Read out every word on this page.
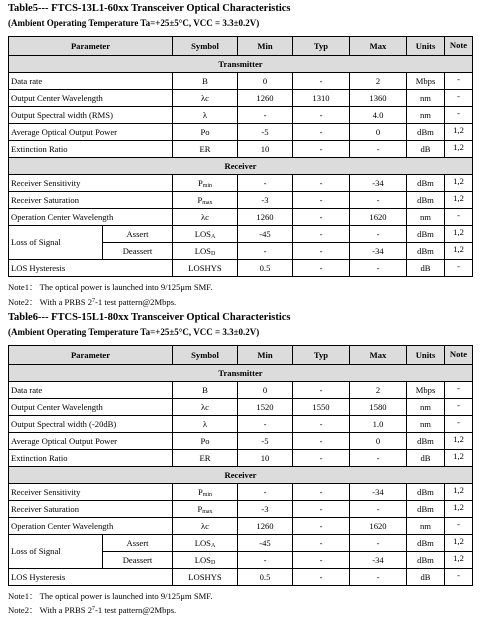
Table5--- FTCS-13L1-60xx Transceiver Optical Characteristics
(Ambient Operating Temperature Ta=+25±5°C, VCC = 3.3±0.2V)
Parameter		Symbol	Min	Typ	Max	Units	Note
Transmitter							
Data rate		B	0	-	2	Mbps	-
Output Center Wavelength		λc	1260	1310	1360	nm	-
Output Spectral width (RMS)		λ	-	-	4.0	nm	-
Average Optical Output Power		Po	-5	-	0	dBm	1,2
Extinction Ratio		ER	10	-	-	dB	1,2
Receiver							
Receiver Sensitivity		$P_{min}$	-	-	-34	dBm	1,2
Receiver Saturation		$P_{max}$	-3	-	-	dBm	1,2
Operation Center Wavelength		λc	1260	-	1620	nm	-
Loss of Signal	Assert	$LOS_A$	-45	-	-	dBm	1,2
	Deassert	$LOS_D$	-	-	-34	dBm	1,2
LOS Hysteresis		LOSHYS	0.5	-	-	dB	-
Note1： The optical power is launched into 9/125μm SMF.
Note2： With a PRBS $2^7-1$ test pattern@2Mbps.
Table6--- FTCS-15L1-80xx Transceiver Optical Characteristics
(Ambient Operating Temperature Ta=+25±5°C, VCC = 3.3±0.2V)
Parameter		Symbol	Min	Typ	Max	Units	Note
Transmitter							
Data rate		B	0	-	2	Mbps	-
Output Center Wavelength		λc	1520	1550	1580	nm	-
Output Spectral width (-20dB)		λ	-	-	1.0	nm	-
Average Optical Output Power		Po	-5	-	0	dBm	1,2
Extinction Ratio		ER	10	-	-	dB	1,2
Receiver							
Receiver Sensitivity		$P_{min}$	-	-	-34	dBm	1,2
Receiver Saturation		$P_{max}$	-3	-	-	dBm	1,2
Operation Center Wavelength		λc	1260	-	1620	nm	-
Loss of Signal	Assert	$LOS_A$	-45	-	-	dBm	1,2
	Deassert	$LOS_D$	-	-	-34	dBm	1,2
LOS Hysteresis		LOSHYS	0.5	-	-	dB	-
Note1： The optical power is launched into 9/125μm SMF.
Note2： With a PRBS $2^7-1$ test pattern@2Mbps.
